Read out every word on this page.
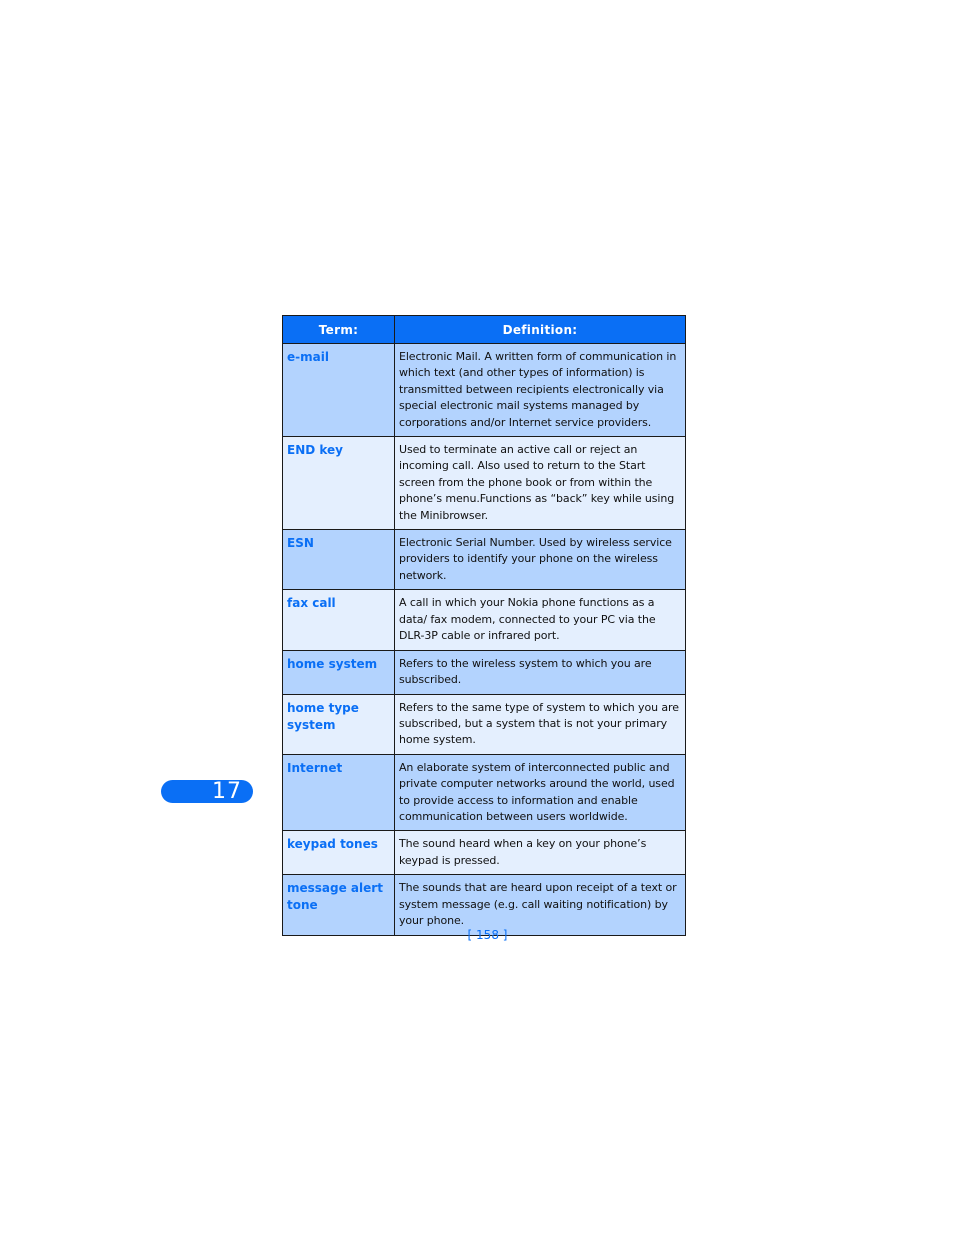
17
Term:	Definition:
e-mail	Electronic Mail. A written form of communication in which text (and other types of information) is transmitted between recipients electronically via special electronic mail systems managed by corporations and/or Internet service providers.
END key	Used to terminate an active call or reject an incoming call. Also used to return to the Start screen from the phone book or from within the phone’s menu.Functions as “back” key while using the Minibrowser.
ESN	Electronic Serial Number. Used by wireless service providers to identify your phone on the wireless network.
fax call	A call in which your Nokia phone functions as a data/ fax modem, connected to your PC via the DLR-3P cable or infrared port.
home system	Refers to the wireless system to which you are subscribed.
home type system	Refers to the same type of system to which you are subscribed, but a system that is not your primary home system.
Internet	An elaborate system of interconnected public and private computer networks around the world, used to provide access to information and enable communication between users worldwide.
keypad tones	The sound heard when a key on your phone’s keypad is pressed.
message alert tone	The sounds that are heard upon receipt of a text or system message (e.g. call waiting notification) by your phone.
[ 158 ]
